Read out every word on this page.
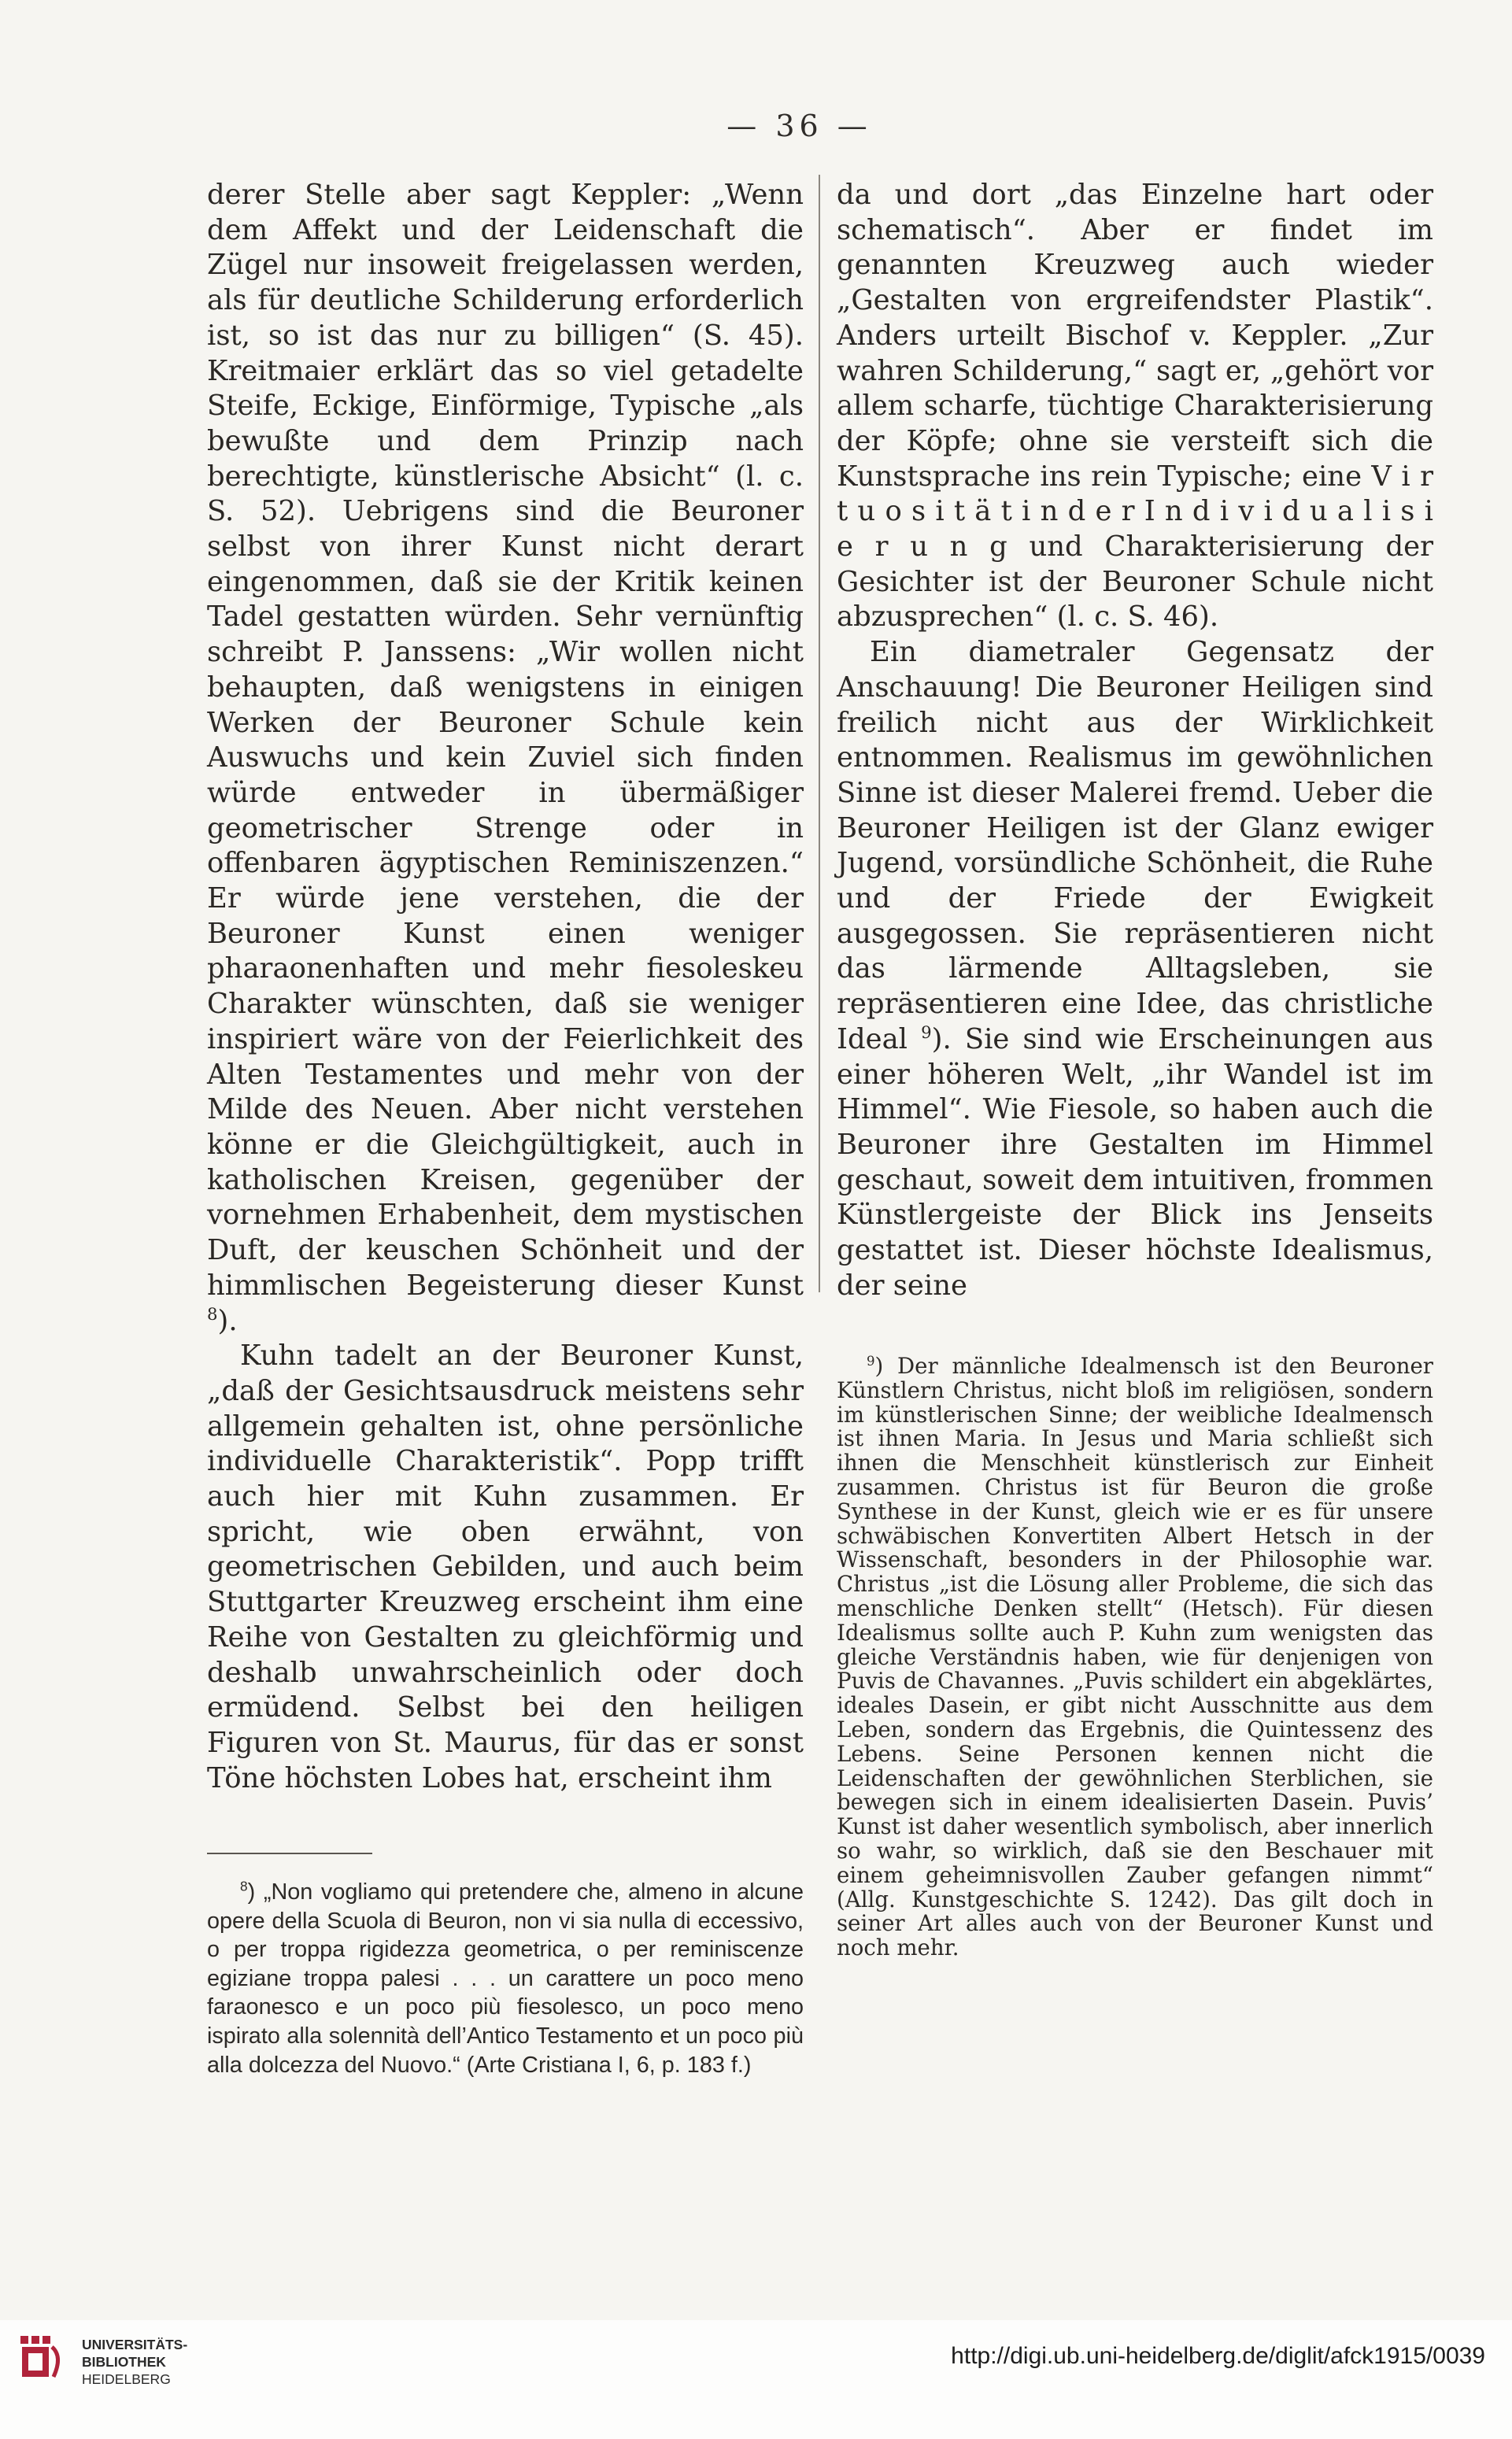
— 36 —

derer Stelle aber sagt Keppler: „Wenn dem Affekt und der Leidenschaft die Zügel nur insoweit freigelassen werden, als für deutliche Schilderung erforderlich ist, so ist das nur zu billigen“ (S. 45). Kreitmaier erklärt das so viel getadelte Steife, Eckige, Einförmige, Typische „als bewußte und dem Prinzip nach berechtigte, künstlerische Absicht“ (l. c. S. 52). Uebrigens sind die Beuroner selbst von ihrer Kunst nicht derart eingenommen, daß sie der Kritik keinen Tadel gestatten würden. Sehr vernünftig schreibt P. Janssens: „Wir wollen nicht behaupten, daß wenigstens in einigen Werken der Beuroner Schule kein Auswuchs und kein Zuviel sich finden würde entweder in übermäßiger geometrischer Strenge oder in offenbaren ägyptischen Reminiszenzen.“ Er würde jene verstehen, die der Beuroner Kunst einen weniger pharaonenhaften und mehr fiesoleskeu Charakter wünschten, daß sie weniger inspiriert wäre von der Feierlichkeit des Alten Testamentes und mehr von der Milde des Neuen. Aber nicht verstehen könne er die Gleichgültigkeit, auch in katholischen Kreisen, gegenüber der vornehmen Erhabenheit, dem mystischen Duft, der keuschen Schönheit und der himmlischen Begeisterung dieser Kunst $^8$).

Kuhn tadelt an der Beuroner Kunst, „daß der Gesichtsausdruck meistens sehr allgemein gehalten ist, ohne persönliche individuelle Charakteristik“. Popp trifft auch hier mit Kuhn zusammen. Er spricht, wie oben erwähnt, von geometrischen Gebilden, und auch beim Stuttgarter Kreuzweg erscheint ihm eine Reihe von Gestalten zu gleichförmig und deshalb unwahrscheinlich oder doch ermüdend. Selbst bei den heiligen Figuren von St. Maurus, für das er sonst Töne höchsten Lobes hat, erscheint ihm

$^8$) „Non vogliamo qui pretendere che, almeno in alcune opere della Scuola di Beuron, non vi sia nulla di eccessivo, o per troppa rigidezza geometrica, o per reminiscenze egiziane troppa palesi . . . un carattere un poco meno faraonesco e un poco più fiesolesco, un poco meno ispirato alla solennità dell’Antico Testamento et un poco più alla dolcezza del Nuovo.“ (Arte Cristiana I, 6, p. 183 f.)

da und dort „das Einzelne hart oder schematisch“. Aber er findet im genannten Kreuzweg auch wieder „Gestalten von ergreifendster Plastik“. Anders urteilt Bischof v. Keppler. „Zur wahren Schilderung,“ sagt er, „gehört vor allem scharfe, tüchtige Charakterisierung der Köpfe; ohne sie versteift sich die Kunstsprache ins rein Typische; eine V i r t u o s i t ä t i n d e r I n d i v i d u a l i s i e r u n g und Charakterisierung der Gesichter ist der Beuroner Schule nicht abzusprechen“ (l. c. S. 46).

Ein diametraler Gegensatz der Anschauung! Die Beuroner Heiligen sind freilich nicht aus der Wirklichkeit entnommen. Realismus im gewöhnlichen Sinne ist dieser Malerei fremd. Ueber die Beuroner Heiligen ist der Glanz ewiger Jugend, vorsündliche Schönheit, die Ruhe und der Friede der Ewigkeit ausgegossen. Sie repräsentieren nicht das lärmende Alltagsleben, sie repräsentieren eine Idee, das christliche Ideal $^9$). Sie sind wie Erscheinungen aus einer höheren Welt, „ihr Wandel ist im Himmel“. Wie Fiesole, so haben auch die Beuroner ihre Gestalten im Himmel geschaut, soweit dem intuitiven, frommen Künstlergeiste der Blick ins Jenseits gestattet ist. Dieser höchste Idealismus, der seine

$^9$) Der männliche Idealmensch ist den Beuroner Künstlern Christus, nicht bloß im religiösen, sondern im künstlerischen Sinne; der weibliche Idealmensch ist ihnen Maria. In Jesus und Maria schließt sich ihnen die Menschheit künstlerisch zur Einheit zusammen. Christus ist für Beuron die große Synthese in der Kunst, gleich wie er es für unsere schwäbischen Konvertiten Albert Hetsch in der Wissenschaft, besonders in der Philosophie war. Christus „ist die Lösung aller Probleme, die sich das menschliche Denken stellt“ (Hetsch). Für diesen Idealismus sollte auch P. Kuhn zum wenigsten das gleiche Verständnis haben, wie für denjenigen von Puvis de Chavannes. „Puvis schildert ein abgeklärtes, ideales Dasein, er gibt nicht Ausschnitte aus dem Leben, sondern das Ergebnis, die Quintessenz des Lebens. Seine Personen kennen nicht die Leidenschaften der gewöhnlichen Sterblichen, sie bewegen sich in einem idealisierten Dasein. Puvis’ Kunst ist daher wesentlich symbolisch, aber innerlich so wahr, so wirklich, daß sie den Beschauer mit einem geheimnisvollen Zauber gefangen nimmt“ (Allg. Kunstgeschichte S. 1242). Das gilt doch in seiner Art alles auch von der Beuroner Kunst und noch mehr.

UNIVERSITÄTS-
BIBLIOTHEK
HEIDELBERG
http://digi.ub.uni-heidelberg.de/diglit/afck1915/0039
